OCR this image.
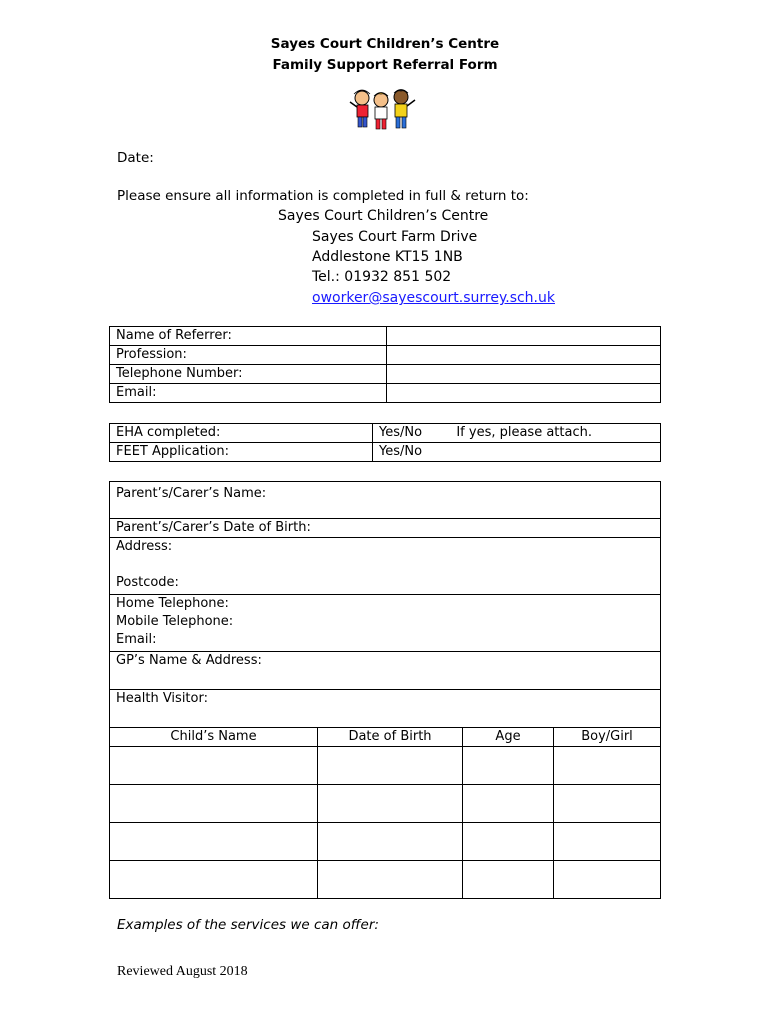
Sayes Court Children’s Centre
Family Support Referral Form
Date:
Please ensure all information is completed in full & return to:
Sayes Court Children’s Centre
Sayes Court Farm Drive
Addlestone KT15 1NB
Tel.: 01932 851 502
oworker@sayescourt.surrey.sch.uk
Name of Referrer:	
Profession:	
Telephone Number:	
Email:	
EHA completed:	Yes/No If yes, please attach.
FEET Application:	Yes/No
Parent’s/Carer’s Name:			
Parent’s/Carer’s Date of Birth:			

Address:
Postcode:			

Home Telephone:
Mobile Telephone:
Email:			

GP’s Name & Address:			
Health Visitor:			
Child’s Name	Date of Birth	Age	Boy/Girl

Examples of the services we can offer:
Reviewed August 2018
